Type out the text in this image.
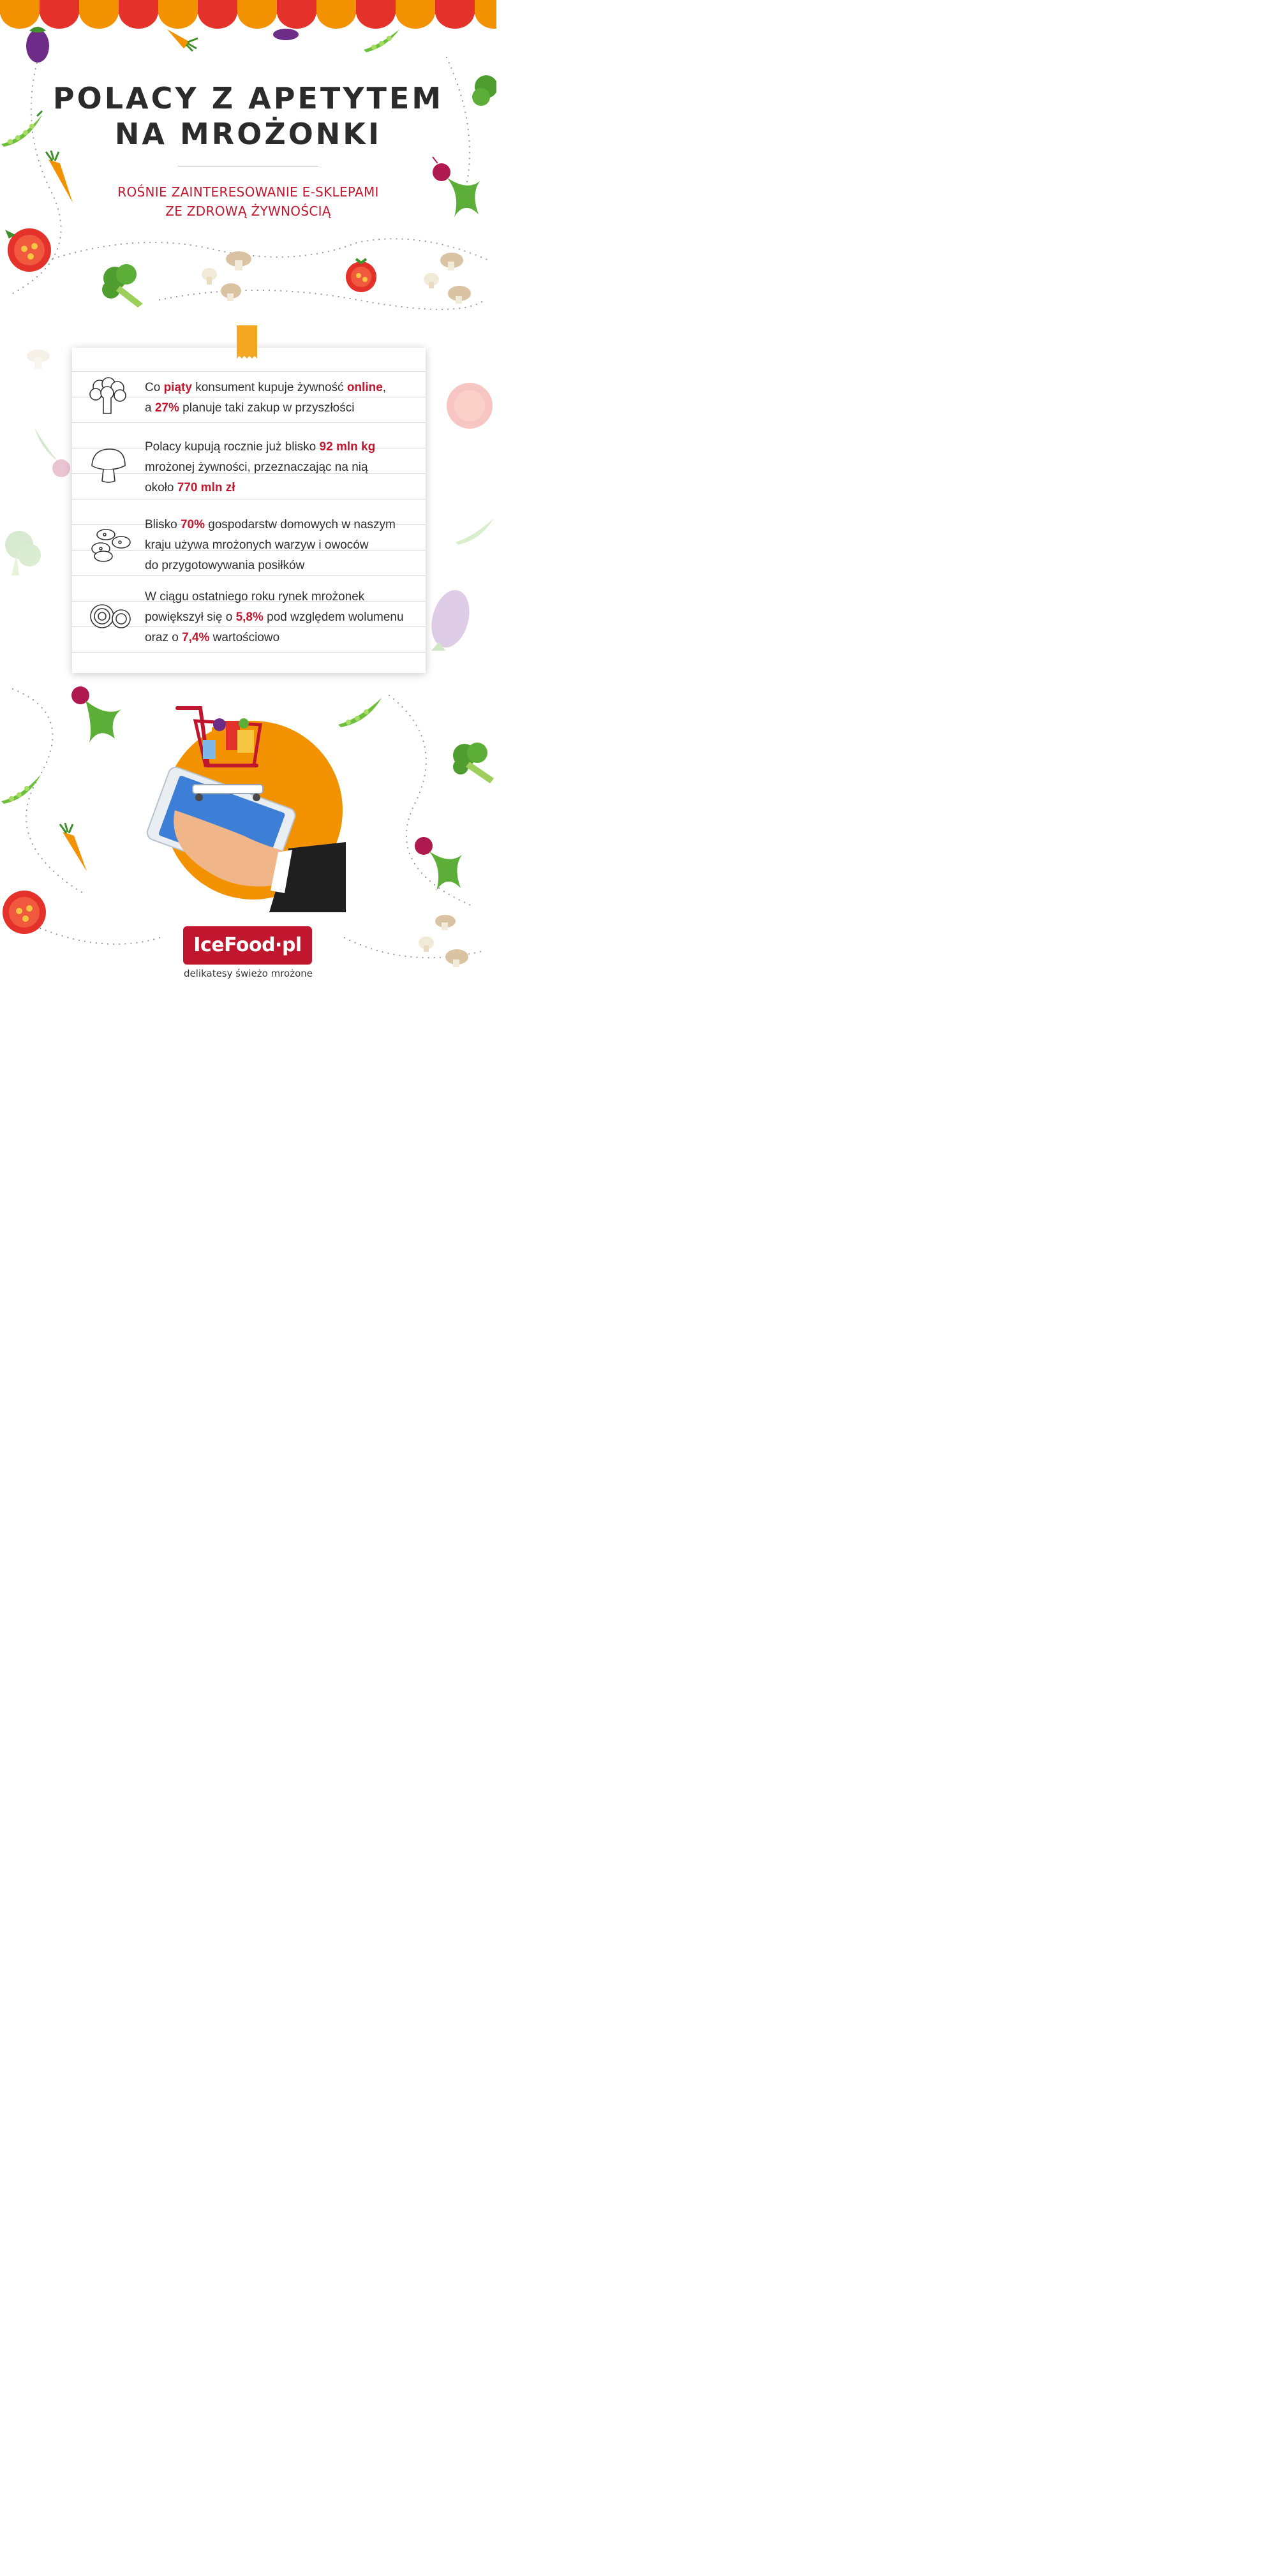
POLACY Z APETYTEM
NA MROŻONKI
ROŚNIE ZAINTERESOWANIE E-SKLEPAMI
ZE ZDROWĄ ŻYWNOŚCIĄ
Co piąty konsument kupuje żywność online,
a 27% planuje taki zakup w przyszłości
Polacy kupują rocznie już blisko 92 mln kg
mrożonej żywności, przeznaczając na nią
około 770 mln zł
Blisko 70% gospodarstw domowych w naszym
kraju używa mrożonych warzyw i owoców
do przygotowywania posiłków
W ciągu ostatniego roku rynek mrożonek
powiększył się o 5,8% pod względem wolumenu
oraz o 7,4% wartościowo
IceFood·pl
delikatesy świeżo mrożone
